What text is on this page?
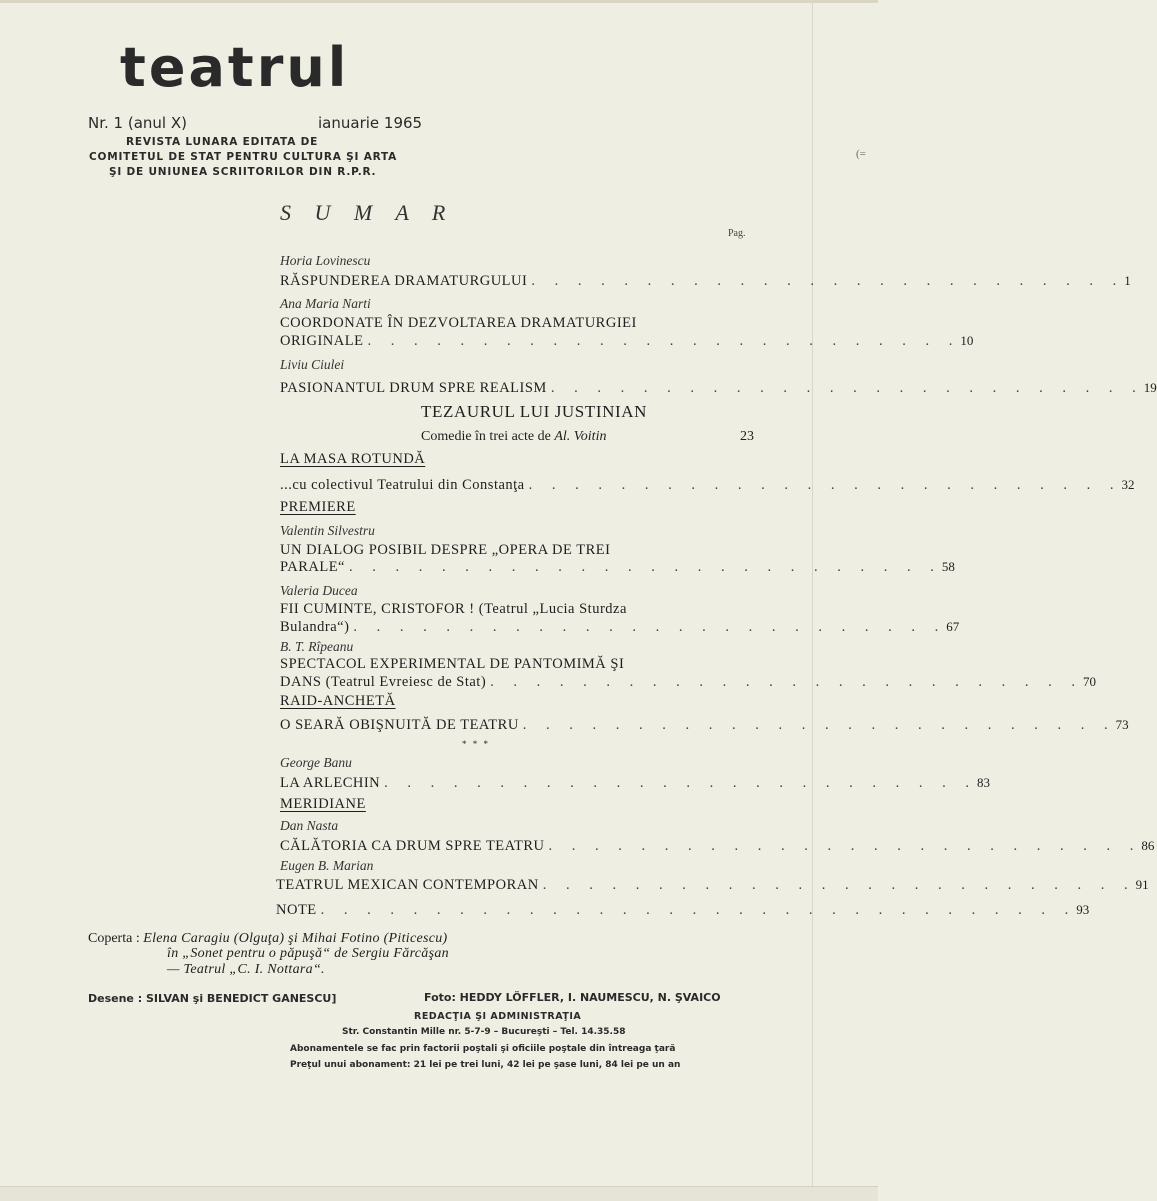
teatrul
Nr. 1 (anul X)	ianuarie 1965
REVISTA LUNARA EDITATA DE
COMITETUL DE STAT PENTRU CULTURA ŞI ARTA
ŞI DE UNIUNEA SCRIITORILOR DIN R.P.R.
(=
S U M A R
Pag.
Horia Lovinescu
RĂSPUNDEREA DRAMATURGULUI . . . . . . . . . . . . . . . . . . . . . . . . . . 1
Ana Maria Narti
COORDONATE ÎN DEZVOLTAREA DRAMATURGIEI
ORIGINALE . . . . . . . . . . . . . . . . . . . . . . . . . . 10
Liviu Ciulei
PASIONANTUL DRUM SPRE REALISM . . . . . . . . . . . . . . . . . . . . . . . . . . 19
TEZAURUL LUI JUSTINIAN
Comedie în trei acte de Al. Voitin	23
LA MASA ROTUNDĂ
...cu colectivul Teatrului din Constanţa . . . . . . . . . . . . . . . . . . . . . . . . . . 32
PREMIERE
Valentin Silvestru
UN DIALOG POSIBIL DESPRE „OPERA DE TREI
PARALE“ . . . . . . . . . . . . . . . . . . . . . . . . . . 58
Valeria Ducea
FII CUMINTE, CRISTOFOR ! (Teatrul „Lucia Sturdza
Bulandra“) . . . . . . . . . . . . . . . . . . . . . . . . . . 67
B. T. Rîpeanu
SPECTACOL EXPERIMENTAL DE PANTOMIMĂ ŞI
DANS (Teatrul Evreiesc de Stat) . . . . . . . . . . . . . . . . . . . . . . . . . . 70
RAID-ANCHETĂ
O SEARĂ OBIŞNUITĂ DE TEATRU . . . . . . . . . . . . . . . . . . . . . . . . . . 73
* * *
George Banu
LA ARLECHIN . . . . . . . . . . . . . . . . . . . . . . . . . . 83
MERIDIANE
Dan Nasta
CĂLĂTORIA CA DRUM SPRE TEATRU . . . . . . . . . . . . . . . . . . . . . . . . . . 86
Eugen B. Marian
TEATRUL MEXICAN CONTEMPORAN . . . . . . . . . . . . . . . . . . . . . . . . . . 91
NOTE . . . . . . . . . . . . . . . . . . . . . . . . . . . . . . . . . 93
Coperta : Elena Caragiu (Olguţa) şi Mihai Fotino (Piticescu)
în „Sonet pentru o păpuşă“ de Sergiu Fărcăşan
— Teatrul „C. I. Nottara“.
Desene : SILVAN şi BENEDICT GANESCU]	Foto: HEDDY LÖFFLER, I. NAUMESCU, N. ŞVAICO
REDACŢIA ŞI ADMINISTRAŢIA
Str. Constantin Mille nr. 5-7-9 – Bucureşti – Tel. 14.35.58
Abonamentele se fac prin factorii poştali şi oficiile poştale din întreaga ţară
Preţul unui abonament: 21 lei pe trei luni, 42 lei pe şase luni, 84 lei pe un an
